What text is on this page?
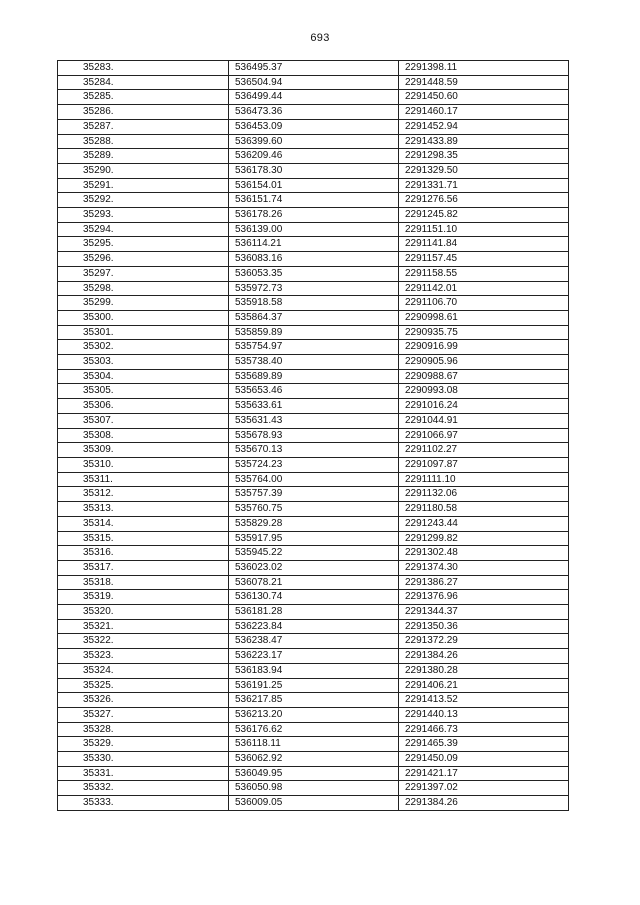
693
35283.	536495.37	2291398.11
35284.	536504.94	2291448.59
35285.	536499.44	2291450.60
35286.	536473.36	2291460.17
35287.	536453.09	2291452.94
35288.	536399.60	2291433.89
35289.	536209.46	2291298.35
35290.	536178.30	2291329.50
35291.	536154.01	2291331.71
35292.	536151.74	2291276.56
35293.	536178.26	2291245.82
35294.	536139.00	2291151.10
35295.	536114.21	2291141.84
35296.	536083.16	2291157.45
35297.	536053.35	2291158.55
35298.	535972.73	2291142.01
35299.	535918.58	2291106.70
35300.	535864.37	2290998.61
35301.	535859.89	2290935.75
35302.	535754.97	2290916.99
35303.	535738.40	2290905.96
35304.	535689.89	2290988.67
35305.	535653.46	2290993.08
35306.	535633.61	2291016.24
35307.	535631.43	2291044.91
35308.	535678.93	2291066.97
35309.	535670.13	2291102.27
35310.	535724.23	2291097.87
35311.	535764.00	2291111.10
35312.	535757.39	2291132.06
35313.	535760.75	2291180.58
35314.	535829.28	2291243.44
35315.	535917.95	2291299.82
35316.	535945.22	2291302.48
35317.	536023.02	2291374.30
35318.	536078.21	2291386.27
35319.	536130.74	2291376.96
35320.	536181.28	2291344.37
35321.	536223.84	2291350.36
35322.	536238.47	2291372.29
35323.	536223.17	2291384.26
35324.	536183.94	2291380.28
35325.	536191.25	2291406.21
35326.	536217.85	2291413.52
35327.	536213.20	2291440.13
35328.	536176.62	2291466.73
35329.	536118.11	2291465.39
35330.	536062.92	2291450.09
35331.	536049.95	2291421.17
35332.	536050.98	2291397.02
35333.	536009.05	2291384.26
